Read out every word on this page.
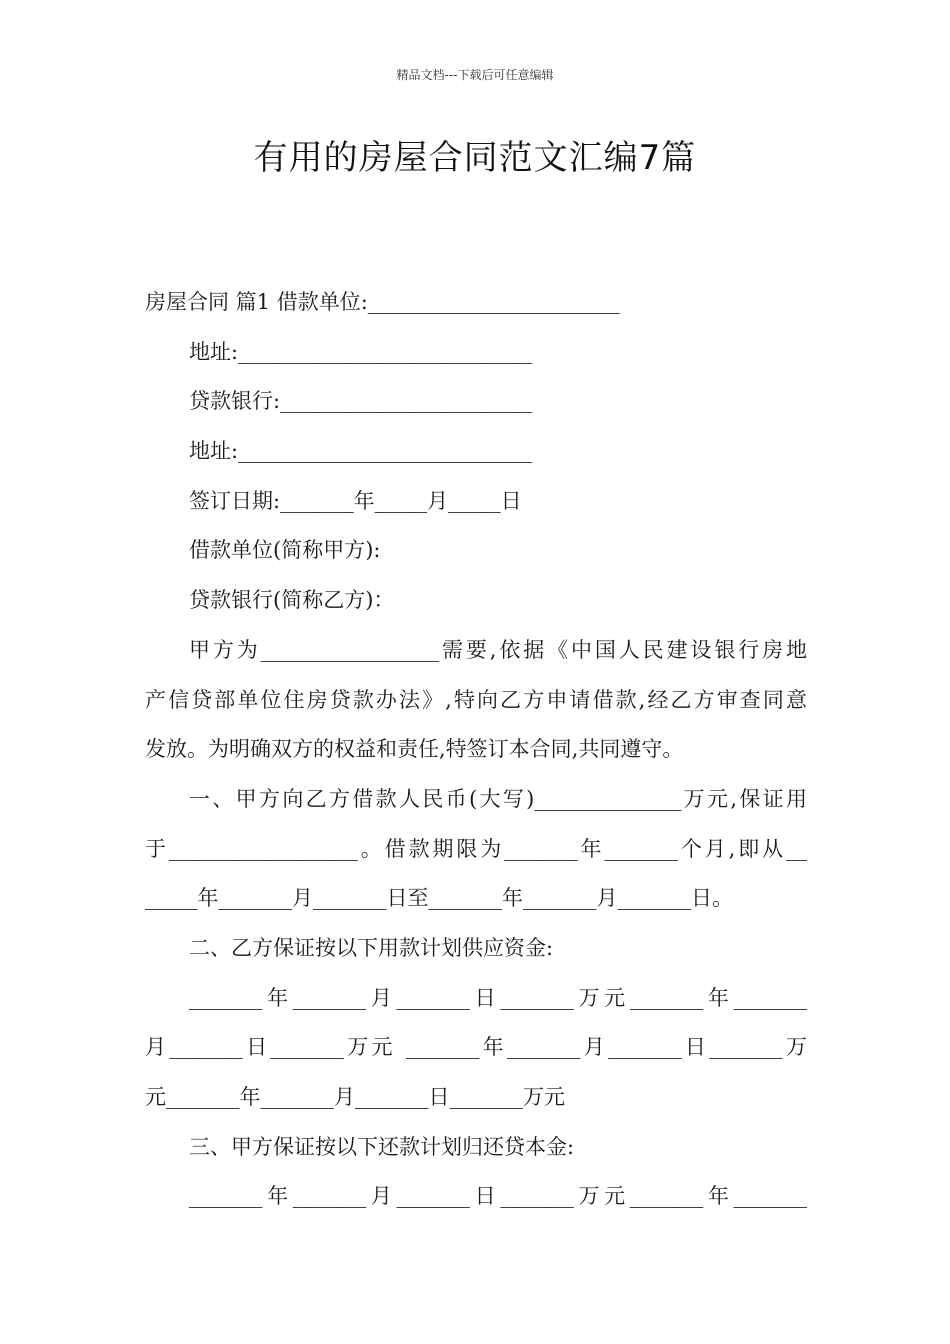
精品文档---下载后可任意编辑
有用的房屋合同范文汇编7篇
房屋合同 篇1 借款单位:________________________
地址:____________________________
贷款银行:________________________
地址:____________________________
签订日期:_______年_____月_____日
借款单位(简称甲方):
贷款银行(简称乙方)：
甲方为_________________需要,依据《中国人民建设银行房地
产信贷部单位住房贷款办法》,特向乙方申请借款,经乙方审查同意
发放。为明确双方的权益和责任,特签订本合同,共同遵守。
一、甲方向乙方借款人民币(大写)______________万元,保证用
于__________________。借款期限为_______年_______个月,即从__
_____年_______月_______日至_______年_______月_______日。
二、乙方保证按以下用款计划供应资金:
_______年_______月_______日_______万元_______年_______
月_______日_______万元 _______年_______月_______日_______万
元_______年_______月_______日_______万元
三、甲方保证按以下还款计划归还贷本金:
_______年_______月_______日_______万元_______年_______
